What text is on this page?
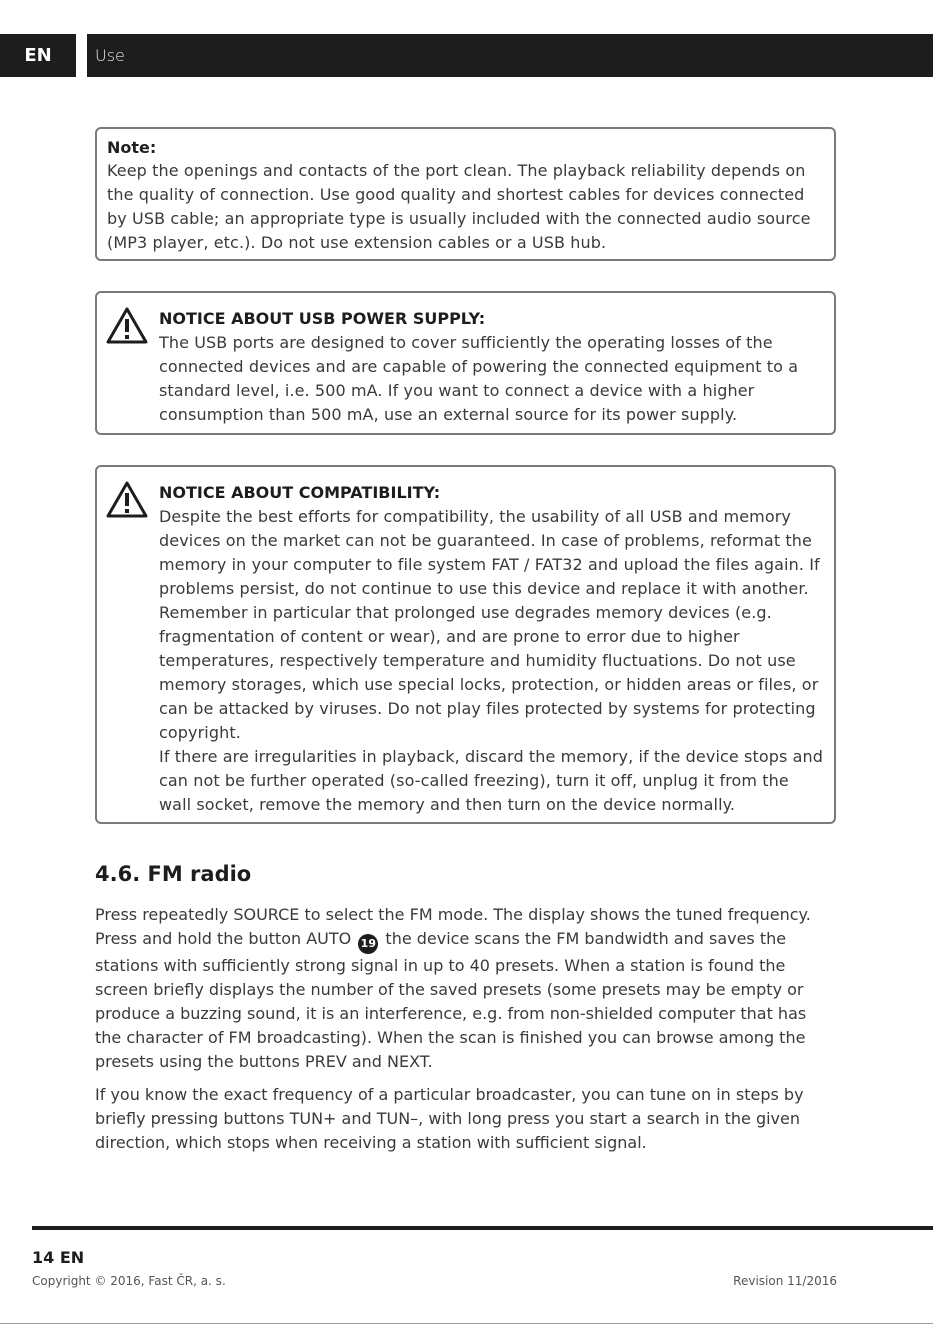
EN	Use
Note:
Keep the openings and contacts of the port clean. The playback reliability depends on the quality of connection. Use good quality and shortest cables for devices connected by USB cable; an appropriate type is usually included with the connected audio source (MP3 player, etc.). Do not use extension cables or a USB hub.
NOTICE ABOUT USB POWER SUPPLY:
The USB ports are designed to cover sufficiently the operating losses of the connected devices and are capable of powering the connected equipment to a standard level, i.e. 500 mA. If you want to connect a device with a higher consumption than 500 mA, use an external source for its power supply.
NOTICE ABOUT COMPATIBILITY:
Despite the best efforts for compatibility, the usability of all USB and memory devices on the market can not be guaranteed. In case of problems, reformat the memory in your computer to file system FAT / FAT32 and upload the files again. If problems persist, do not continue to use this device and replace it with another. Remember in particular that prolonged use degrades memory devices (e.g. fragmentation of content or wear), and are prone to error due to higher temperatures, respectively temperature and humidity fluctuations. Do not use memory storages, which use special locks, protection, or hidden areas or files, or can be attacked by viruses. Do not play files protected by systems for protecting copyright.
If there are irregularities in playback, discard the memory, if the device stops and can not be further operated (so-called freezing), turn it off, unplug it from the wall socket, remove the memory and then turn on the device normally.
4.6. FM radio
Press repeatedly SOURCE to select the FM mode. The display shows the tuned frequency. Press and hold the button AUTO 19 the device scans the FM bandwidth and saves the stations with sufficiently strong signal in up to 40 presets. When a station is found the screen briefly displays the number of the saved presets (some presets may be empty or produce a buzzing sound, it is an interference, e.g. from non-shielded computer that has the character of FM broadcasting). When the scan is finished you can browse among the presets using the buttons PREV and NEXT.
If you know the exact frequency of a particular broadcaster, you can tune on in steps by briefly pressing buttons TUN+ and TUN–, with long press you start a search in the given direction, which stops when receiving a station with sufficient signal.
14 EN
Copyright © 2016, Fast ČR, a. s.	Revision 11/2016
